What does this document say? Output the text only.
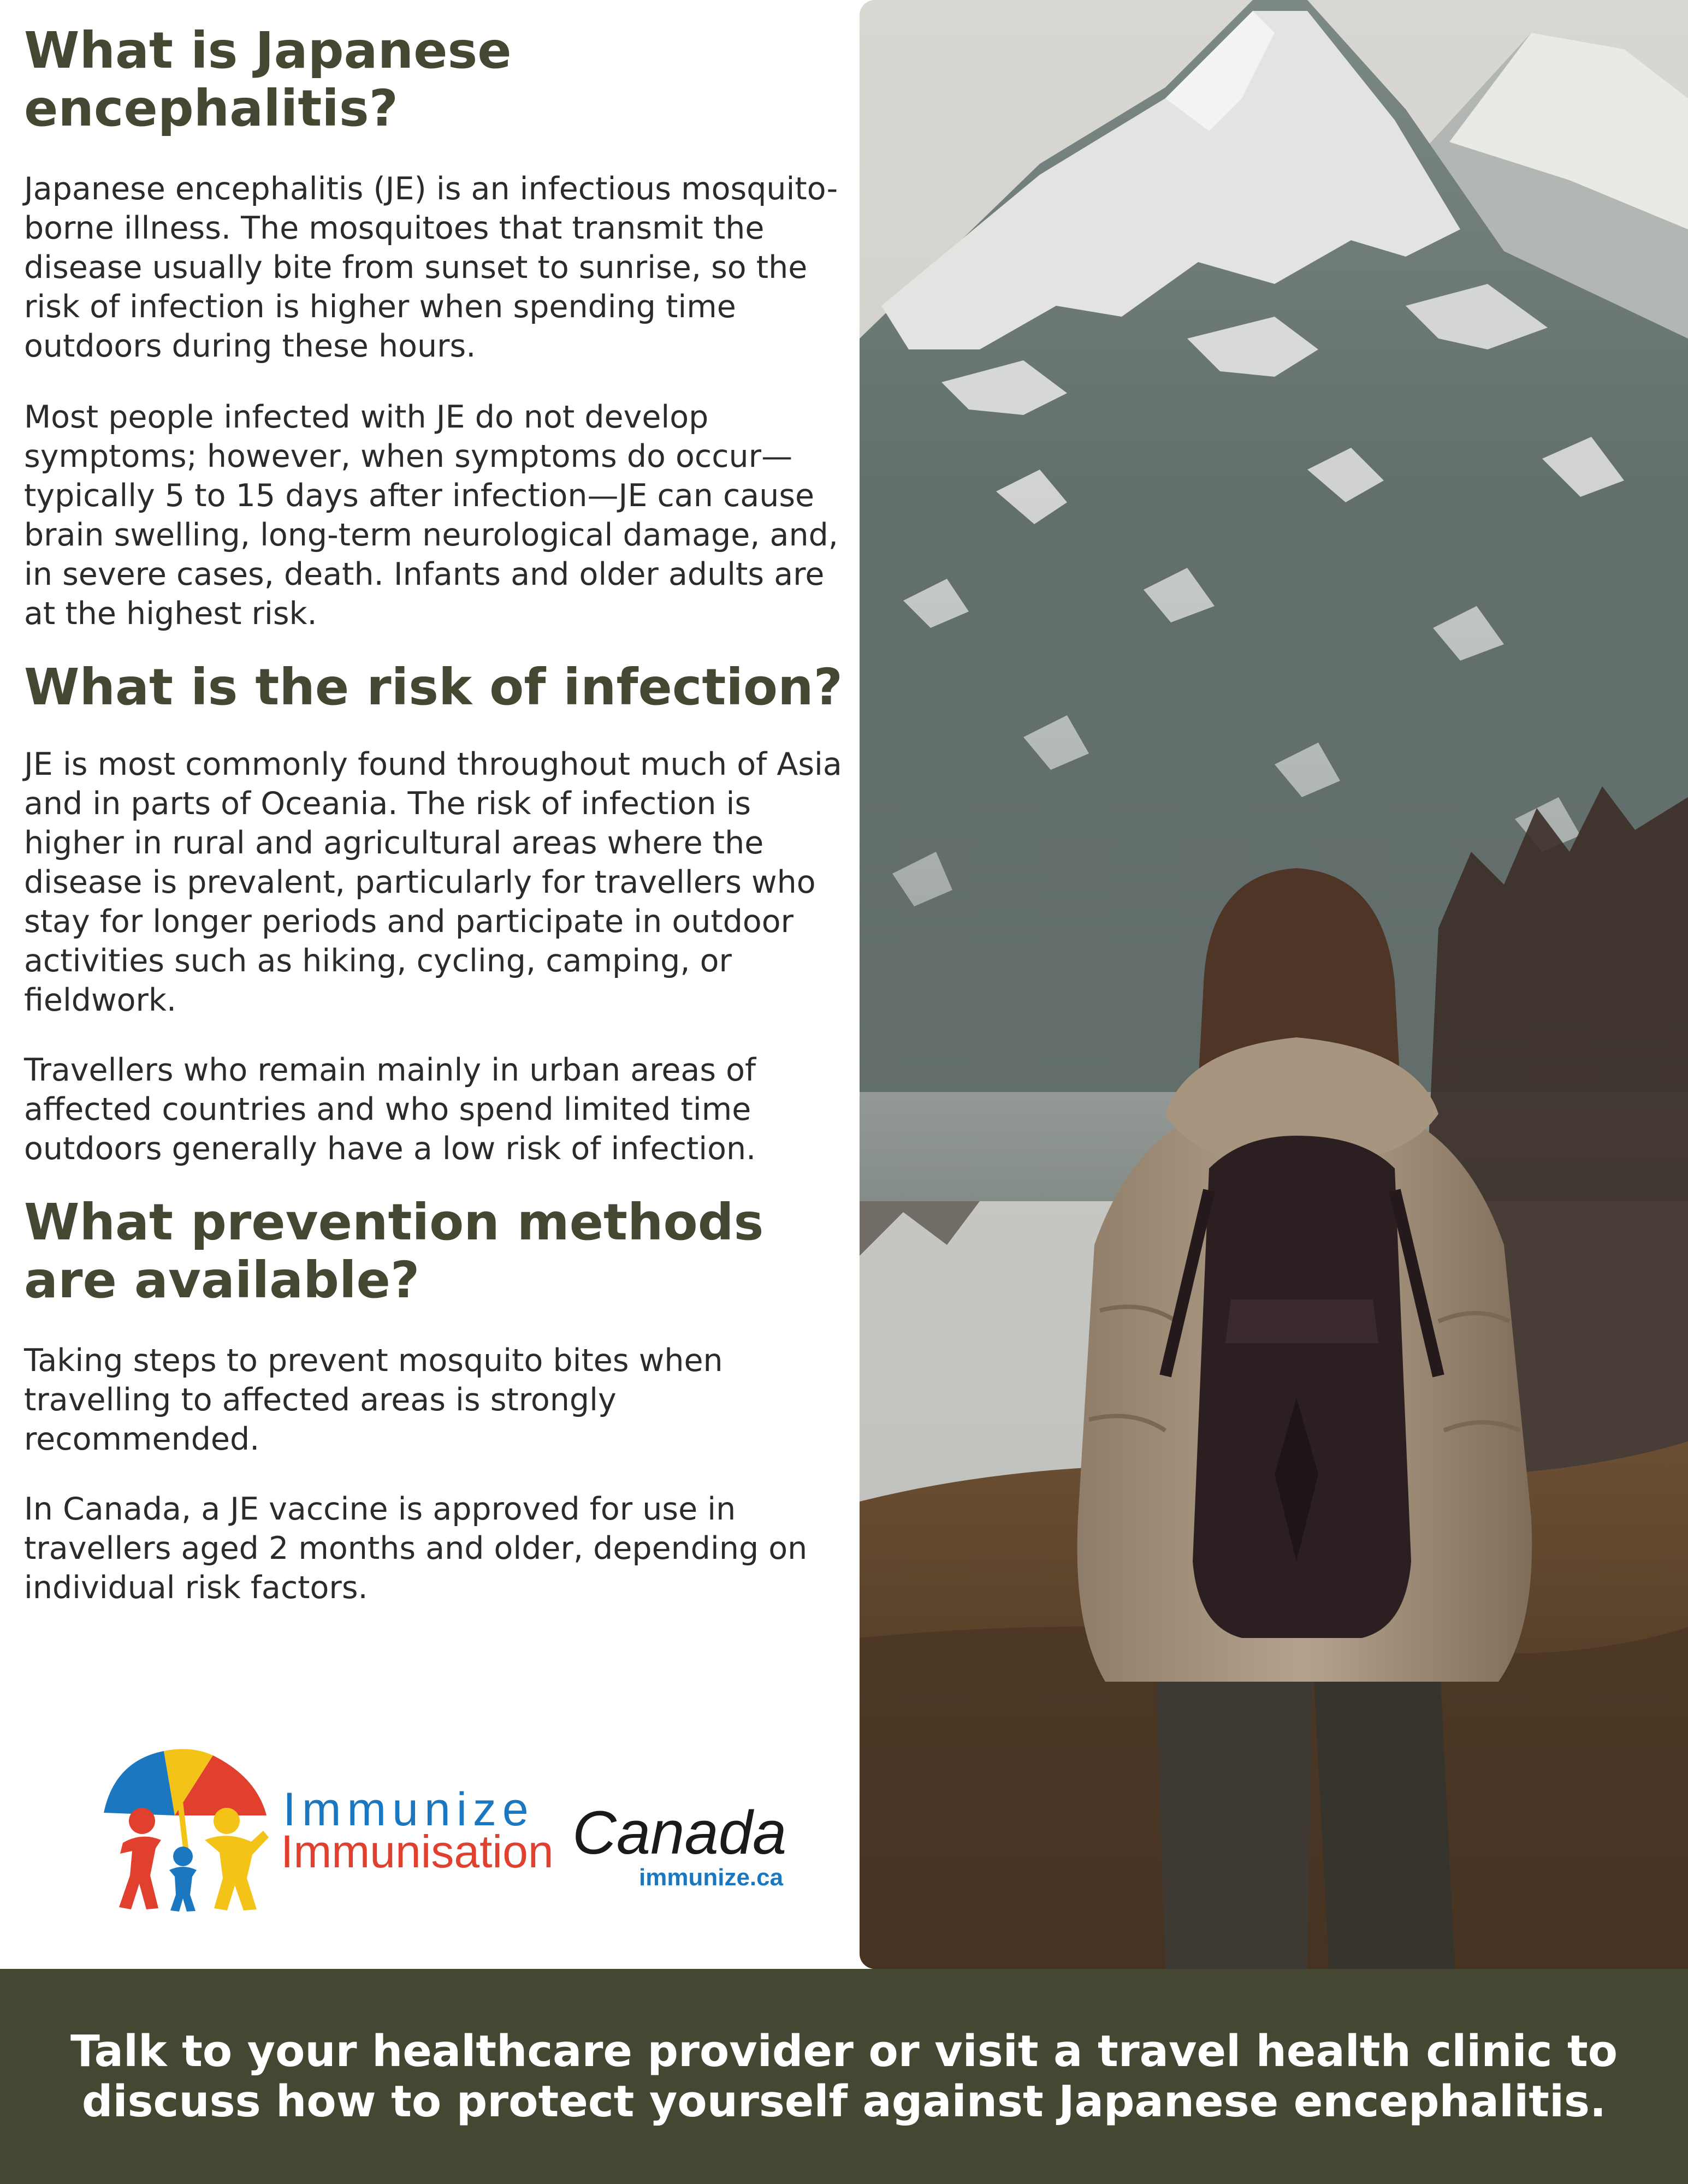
What is Japanese encephalitis?

Japanese encephalitis (JE) is an infectious mosquito-borne illness. The mosquitoes that transmit the disease usually bite from sunset to sunrise, so the risk of infection is higher when spending time outdoors during these hours.

Most people infected with JE do not develop symptoms; however, when symptoms do occur—typically 5 to 15 days after infection—JE can cause brain swelling, long-term neurological damage, and, in severe cases, death. Infants and older adults are at the highest risk.

What is the risk of infection?

JE is most commonly found throughout much of Asia and in parts of Oceania. The risk of infection is higher in rural and agricultural areas where the disease is prevalent, particularly for travellers who stay for longer periods and participate in outdoor activities such as hiking, cycling, camping, or fieldwork.

Travellers who remain mainly in urban areas of affected countries and who spend limited time outdoors generally have a low risk of infection.

What prevention methods are available?

Taking steps to prevent mosquito bites when travelling to affected areas is strongly recommended.

In Canada, a JE vaccine is approved for use in travellers aged 2 months and older, depending on individual risk factors.

Immunize
Immunisation Canada
immunize.ca

Talk to your healthcare provider or visit a travel health clinic to discuss how to protect yourself against Japanese encephalitis.
